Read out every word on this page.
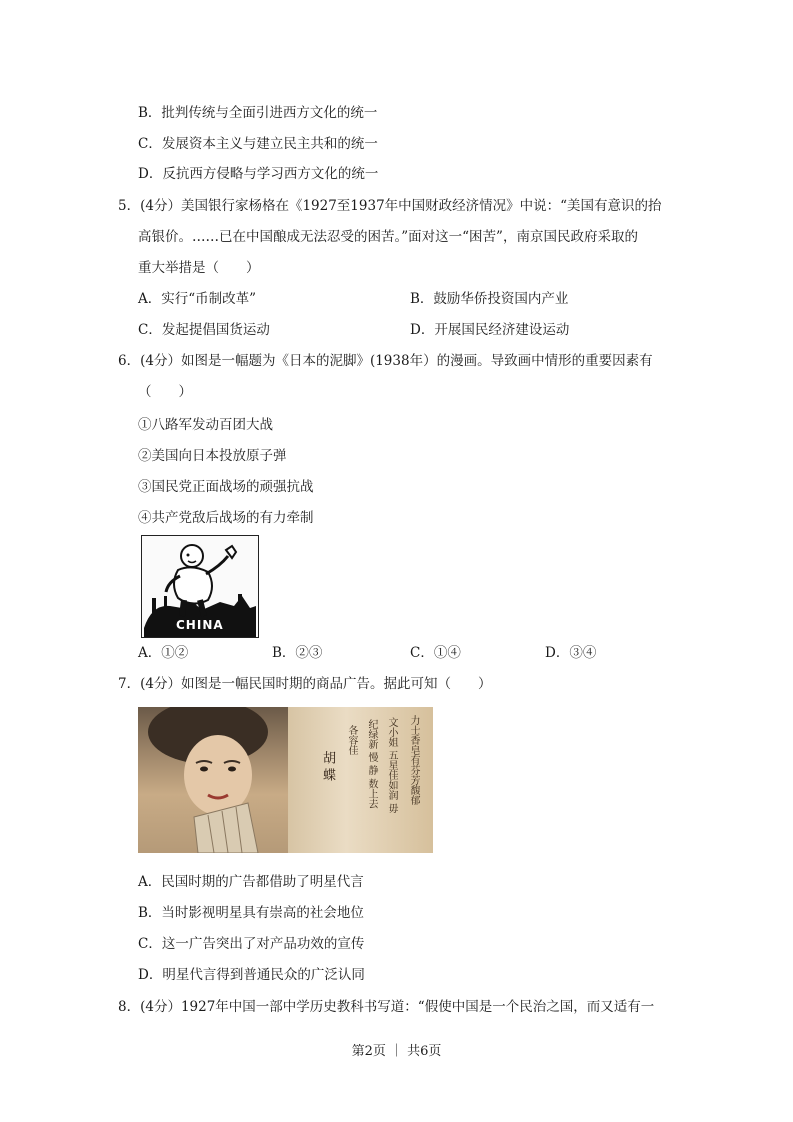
B．批判传统与全面引进西方文化的统一
C．发展资本主义与建立民主共和的统一
D．反抗西方侵略与学习西方文化的统一
5．(4分）美国银行家杨格在《1927至1937年中国财政经济情况》中说：“美国有意识的抬
高银价。……已在中国酿成无法忍受的困苦。”面对这一“困苦”，南京国民政府采取的
重大举措是（　　）
A．实行“币制改革”	B．鼓励华侨投资国内产业
C．发起提倡国货运动	D．开展国民经济建设运动
6．(4分）如图是一幅题为《日本的泥脚》(1938年）的漫画。导致画中情形的重要因素有
（　　）
①八路军发动百团大战
②美国向日本投放原子弹
③国民党正面战场的顽强抗战
④共产党敌后战场的有力牵制
CHINA
A．①②	B．②③	C．①④	D．③④
7．(4分）如图是一幅民国时期的商品广告。据此可知（　　）
力士香皂有芬芳馥郁
文小姐 五星佳如润 毋
纪绿新 慢 静 数上去
各容佳
胡 蝶
A．民国时期的广告都借助了明星代言
B．当时影视明星具有崇高的社会地位
C．这一广告突出了对产品功效的宣传
D．明星代言得到普通民众的广泛认同
8．(4分）1927年中国一部中学历史教科书写道：“假使中国是一个民治之国，而又适有一
第2页 ｜ 共6页
